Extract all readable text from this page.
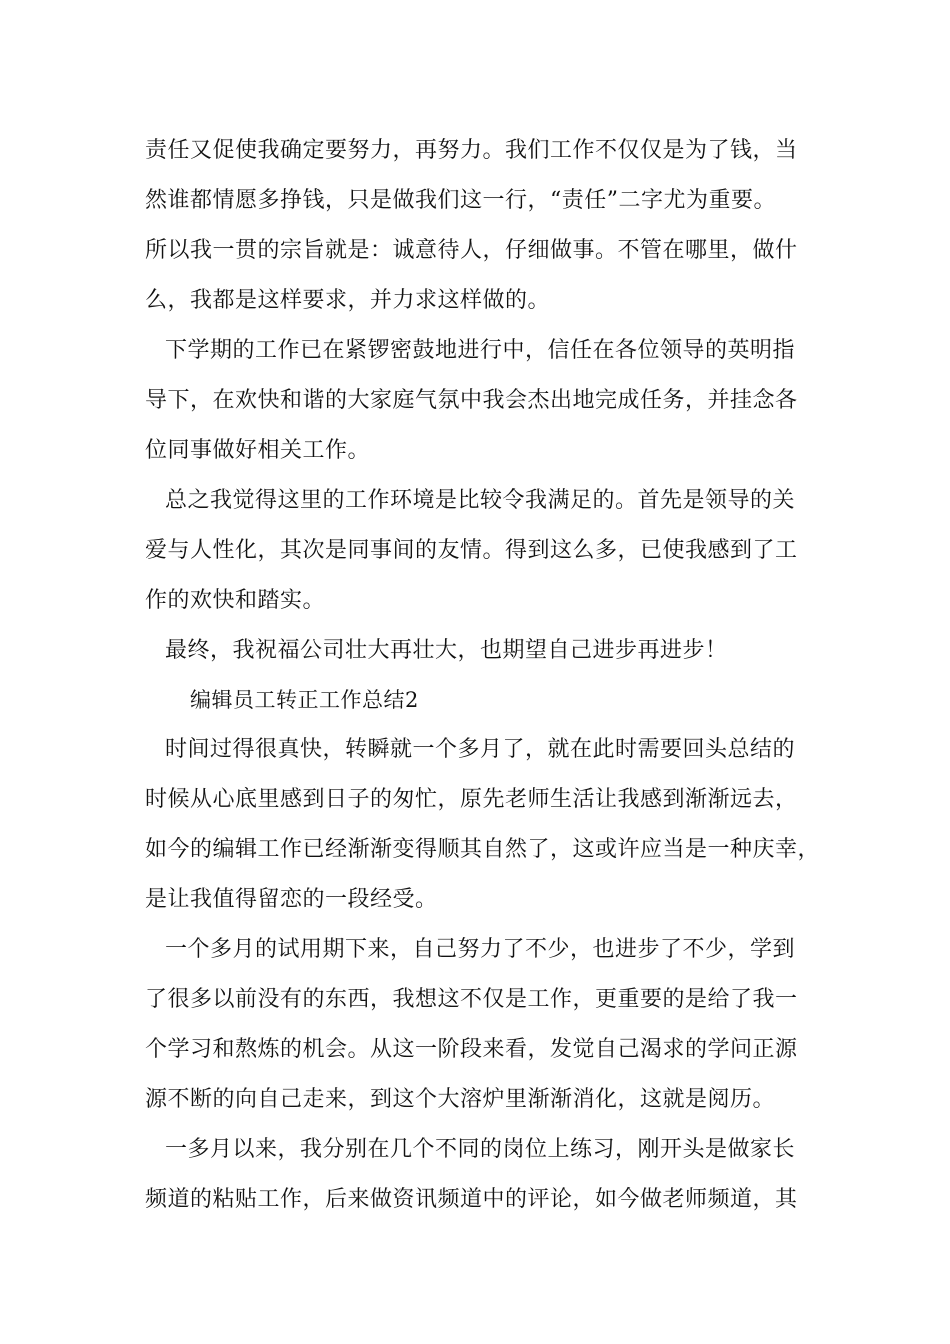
责任又促使我确定要努力，再努力。我们工作不仅仅是为了钱，当
然谁都情愿多挣钱，只是做我们这一行，“责任”二字尤为重要。
所以我一贯的宗旨就是：诚意待人，仔细做事。不管在哪里，做什
么，我都是这样要求，并力求这样做的。
下学期的工作已在紧锣密鼓地进行中，信任在各位领导的英明指
导下，在欢快和谐的大家庭气氛中我会杰出地完成任务，并挂念各
位同事做好相关工作。
总之我觉得这里的工作环境是比较令我满足的。首先是领导的关
爱与人性化，其次是同事间的友情。得到这么多，已使我感到了工
作的欢快和踏实。
最终，我祝福公司壮大再壮大，也期望自己进步再进步！
编辑员工转正工作总结2
时间过得很真快，转瞬就一个多月了，就在此时需要回头总结的
时候从心底里感到日子的匆忙，原先老师生活让我感到渐渐远去，
如今的编辑工作已经渐渐变得顺其自然了，这或许应当是一种庆幸，
是让我值得留恋的一段经受。
一个多月的试用期下来，自己努力了不少，也进步了不少，学到
了很多以前没有的东西，我想这不仅是工作，更重要的是给了我一
个学习和熬炼的机会。从这一阶段来看，发觉自己渴求的学问正源
源不断的向自己走来，到这个大溶炉里渐渐消化，这就是阅历。
一多月以来，我分别在几个不同的岗位上练习，刚开头是做家长
频道的粘贴工作，后来做资讯频道中的评论，如今做老师频道，其
